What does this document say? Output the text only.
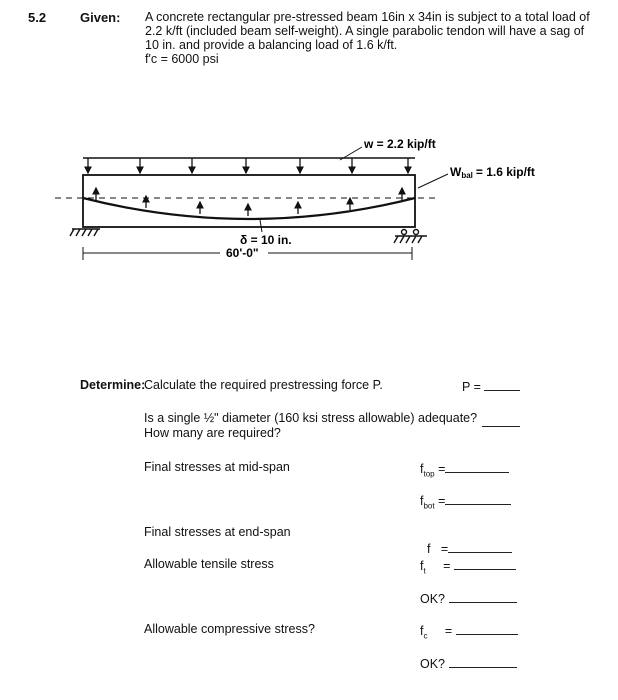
5.2	Given: A concrete rectangular pre-stressed beam 16in x 34in is subject to a total load of
2.2 k/ft (included beam self-weight). A single parabolic tendon will have a sag of
10 in. and provide a balancing load of 1.6 k/ft.
f'c = 6000 psi
w = 2.2 kip/ft
Wbal = 1.6 kip/ft
δ = 10 in.
60'-0"
Determine:
Calculate the required prestressing force P.	P =
Is a single ½" diameter (160 ksi stress allowable) adequate?
How many are required?
Final stresses at mid-span	$f_{top}$ =
$f_{bot}$ =
Final stresses at end-span

f   =

Allowable tensile stress	$f_t$ =
OK?
Allowable compressive stress?	$f_c$ =
OK?
